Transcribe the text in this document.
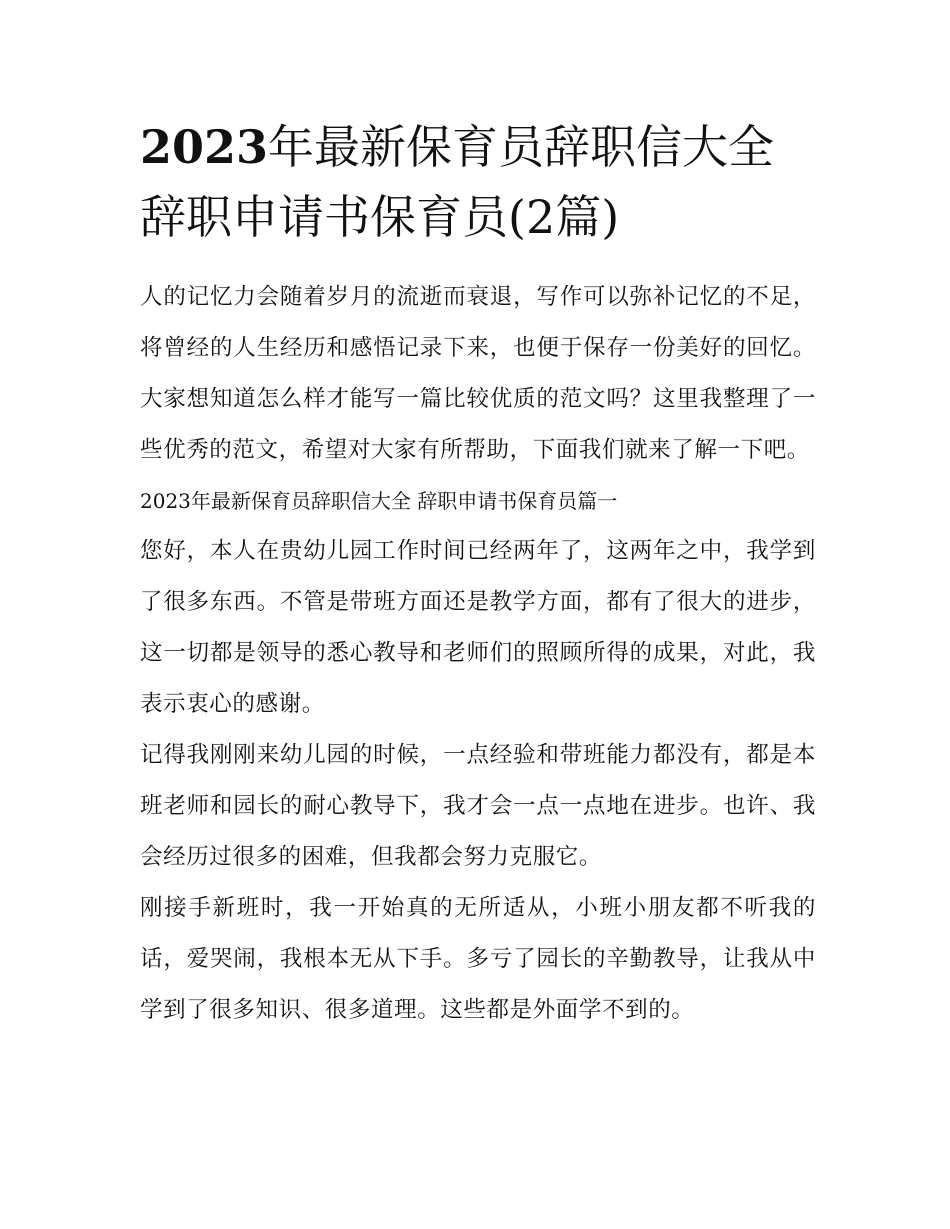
2023年最新保育员辞职信大全辞职申请书保育员(2篇)

人的记忆力会随着岁月的流逝而衰退，写作可以弥补记忆的不足，将曾经的人生经历和感悟记录下来，也便于保存一份美好的回忆。大家想知道怎么样才能写一篇比较优质的范文吗？这里我整理了一些优秀的范文，希望对大家有所帮助，下面我们就来了解一下吧。

2023年最新保育员辞职信大全 辞职申请书保育员篇一

您好，本人在贵幼儿园工作时间已经两年了，这两年之中，我学到了很多东西。不管是带班方面还是教学方面，都有了很大的进步，这一切都是领导的悉心教导和老师们的照顾所得的成果，对此，我表示衷心的感谢。

记得我刚刚来幼儿园的时候，一点经验和带班能力都没有，都是本班老师和园长的耐心教导下，我才会一点一点地在进步。也许、我会经历过很多的困难，但我都会努力克服它。

刚接手新班时，我一开始真的无所适从，小班小朋友都不听我的话，爱哭闹，我根本无从下手。多亏了园长的辛勤教导，让我从中学到了很多知识、很多道理。这些都是外面学不到的。
